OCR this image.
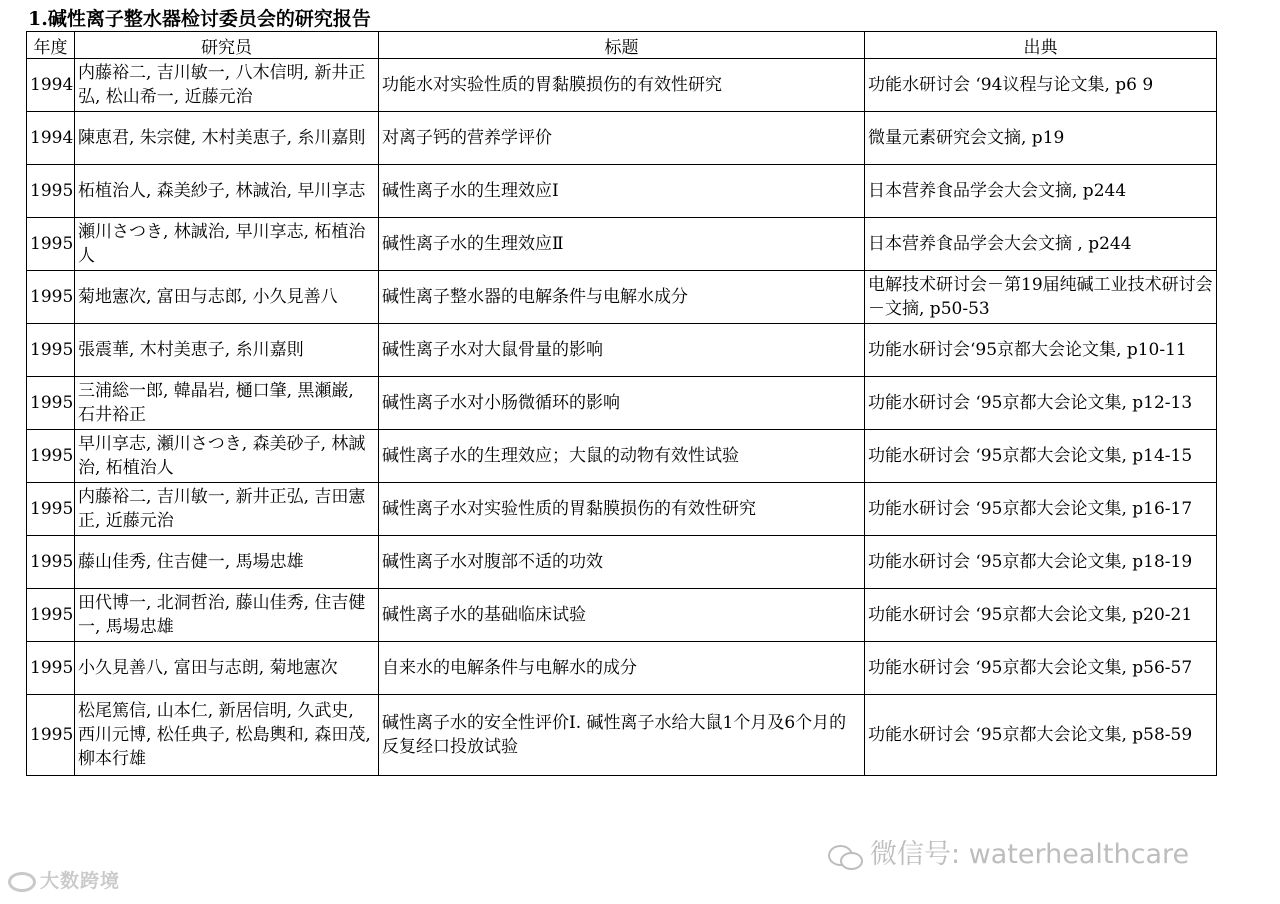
1.碱性离子整水器检讨委员会的研究报告
年度	研究员	标题	出典
1994	内藤裕二, 吉川敏一, 八木信明, 新井正弘, 松山希一, 近藤元治	功能水对实验性质的胃黏膜损伤的有效性研究	功能水研讨会 ‘94议程与论文集, p6 9
1994	陳恵君, 朱宗健, 木村美恵子, 糸川嘉則	对离子钙的营养学评价	微量元素研究会文摘, p19
1995	柘植治人, 森美紗子, 林誠治, 早川享志	碱性离子水的生理效应Ⅰ	日本营养食品学会大会文摘, p244
1995	瀬川さつき, 林誠治, 早川享志, 柘植治人	碱性离子水的生理效应Ⅱ	日本营养食品学会大会文摘 , p244
1995	菊地憲次, 富田与志郎, 小久見善八	碱性离子整水器的电解条件与电解水成分	电解技术研讨会－第19届纯碱工业技术研讨会－文摘, p50-53
1995	張震華, 木村美恵子, 糸川嘉則	碱性离子水对大鼠骨量的影响	功能水研讨会‘95京都大会论文集, p10-11
1995	三浦総一郎, 韓晶岩, 樋口肇, 黒瀬巌, 石井裕正	碱性离子水对小肠微循环的影响	功能水研讨会 ‘95京都大会论文集, p12-13
1995	早川享志, 瀬川さつき, 森美砂子, 林誠治, 柘植治人	碱性离子水的生理效应；大鼠的动物有效性试验	功能水研讨会 ‘95京都大会论文集, p14-15
1995	内藤裕二, 吉川敏一, 新井正弘, 吉田憲正, 近藤元治	碱性离子水对实验性质的胃黏膜损伤的有效性研究	功能水研讨会 ‘95京都大会论文集, p16-17
1995	藤山佳秀, 住吉健一, 馬場忠雄	碱性离子水对腹部不适的功效	功能水研讨会 ‘95京都大会论文集, p18-19
1995	田代博一, 北洞哲治, 藤山佳秀, 住吉健一, 馬場忠雄	碱性离子水的基础临床试验	功能水研讨会 ‘95京都大会论文集, p20-21
1995	小久見善八, 富田与志朗, 菊地憲次	自来水的电解条件与电解水的成分	功能水研讨会 ‘95京都大会论文集, p56-57
1995	松尾篤信, 山本仁, 新居信明, 久武史, 西川元博, 松任典子, 松島輿和, 森田茂, 柳本行雄	碱性离子水的安全性评价Ⅰ. 碱性离子水给大鼠1个月及6个月的反复经口投放试验	功能水研讨会 ‘95京都大会论文集, p58-59
微信号: waterhealthcare
大数跨境
